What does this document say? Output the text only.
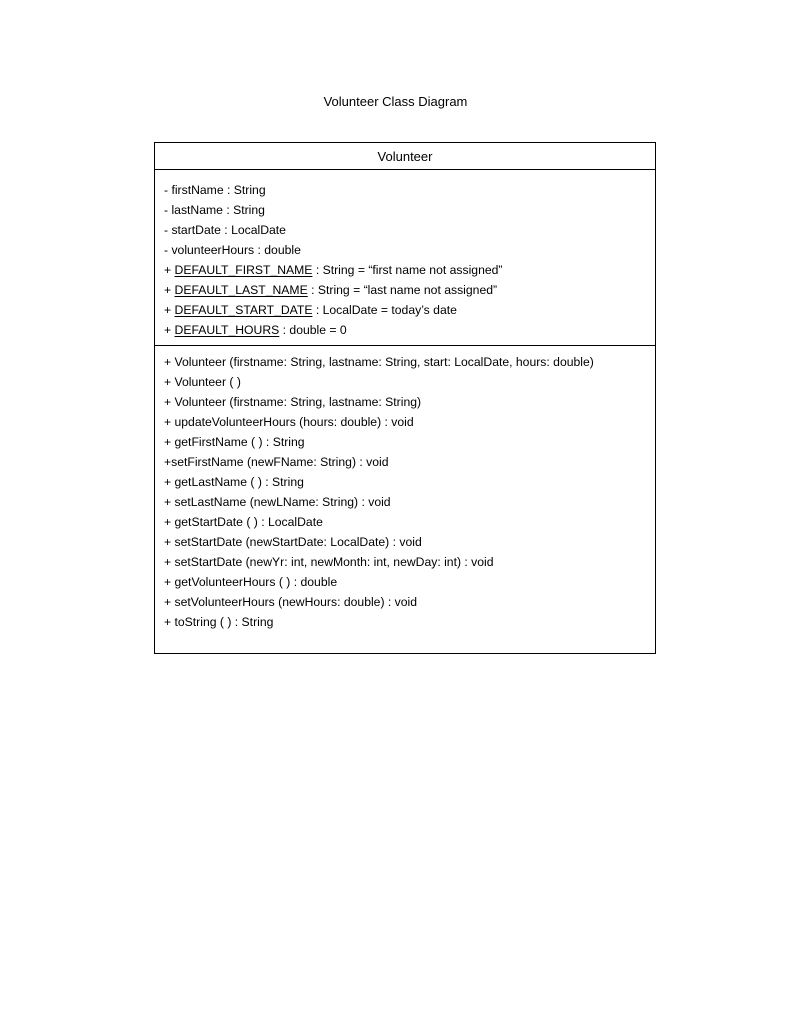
Volunteer Class Diagram
Volunteer
- firstName : String
- lastName : String
- startDate : LocalDate
- volunteerHours : double
+ DEFAULT_FIRST_NAME : String = “first name not assigned”
+ DEFAULT_LAST_NAME : String = “last name not assigned”
+ DEFAULT_START_DATE : LocalDate = today’s date
+ DEFAULT_HOURS : double = 0
+ Volunteer (firstname: String, lastname: String, start: LocalDate, hours: double)
+ Volunteer ( )
+ Volunteer (firstname: String, lastname: String)
+ updateVolunteerHours (hours: double) : void
+ getFirstName ( ) : String
+setFirstName (newFName: String) : void
+ getLastName ( ) : String
+ setLastName (newLName: String) : void
+ getStartDate ( ) : LocalDate
+ setStartDate (newStartDate: LocalDate) : void
+ setStartDate (newYr: int, newMonth: int, newDay: int) : void
+ getVolunteerHours ( ) : double
+ setVolunteerHours (newHours: double) : void
+ toString ( ) : String
